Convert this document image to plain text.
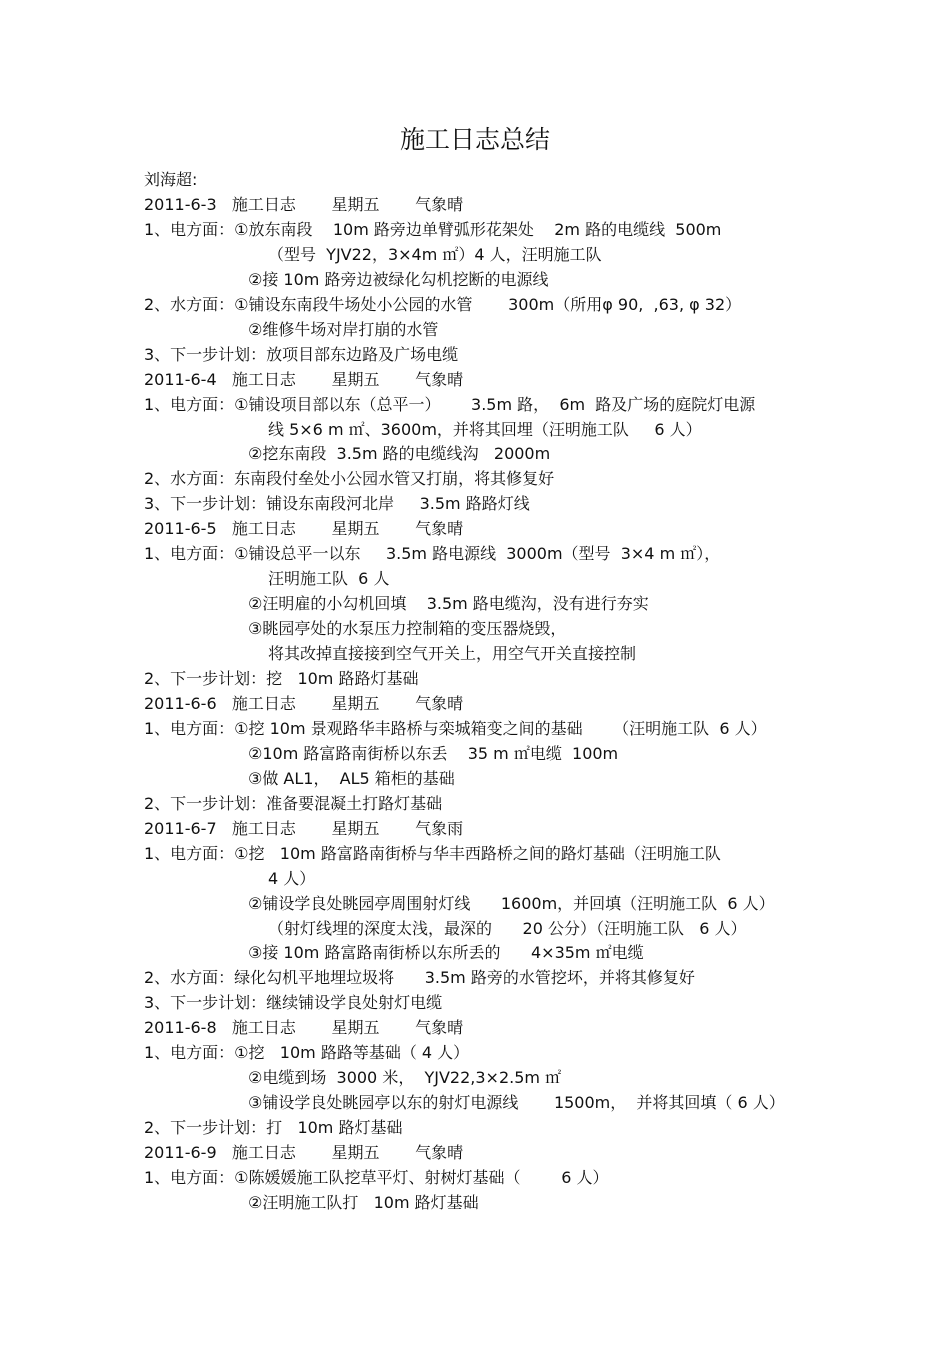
施工日志总结
刘海超:
2011-6-3   施工日志       星期五       气象晴
1、电方面：①放东南段    10m 路旁边单臂弧形花架处    2m 路的电缆线  500m
（型号  YJV22，3×4m ㎡）4 人，汪明施工队
②接 10m 路旁边被绿化勾机挖断的电源线
2、水方面：①铺设东南段牛场处小公园的水管       300m（所用φ 90,  ,63, φ 32）
②维修牛场对岸打崩的水管
3、下一步计划：放项目部东边路及广场电缆
2011-6-4   施工日志       星期五       气象晴
1、电方面：①铺设项目部以东（总平一）      3.5m 路，  6m  路及广场的庭院灯电源
线 5×6 m ㎡、3600m，并将其回埋（汪明施工队     6 人）
②挖东南段  3.5m 路的电缆线沟   2000m
2、水方面：东南段付垒处小公园水管又打崩，将其修复好
3、下一步计划：铺设东南段河北岸     3.5m 路路灯线
2011-6-5   施工日志       星期五       气象晴
1、电方面：①铺设总平一以东     3.5m 路电源线  3000m（型号  3×4 m ㎡），
汪明施工队  6 人
②汪明雇的小勾机回填    3.5m 路电缆沟，没有进行夯实
③眺园亭处的水泵压力控制箱的变压器烧毁，
将其改掉直接接到空气开关上，用空气开关直接控制
2、下一步计划：挖   10m 路路灯基础
2011-6-6   施工日志       星期五       气象晴
1、电方面：①挖 10m 景观路华丰路桥与栾城箱变之间的基础      （汪明施工队  6 人）
②10m 路富路南街桥以东丢    35 m ㎡电缆  100m
③做 AL1，  AL5 箱柜的基础
2、下一步计划：准备要混凝土打路灯基础
2011-6-7   施工日志       星期五       气象雨
1、电方面：①挖   10m 路富路南街桥与华丰西路桥之间的路灯基础（汪明施工队
4 人）
②铺设学良处眺园亭周围射灯线      1600m，并回填（汪明施工队  6 人）
（射灯线埋的深度太浅，最深的      20 公分）（汪明施工队   6 人）
③接 10m 路富路南街桥以东所丢的      4×35m ㎡电缆
2、水方面：绿化勾机平地埋垃圾将      3.5m 路旁的水管挖坏，并将其修复好
3、下一步计划：继续铺设学良处射灯电缆
2011-6-8   施工日志       星期五       气象晴
1、电方面：①挖   10m 路路等基础（ 4 人）
②电缆到场  3000 米，  YJV22,3×2.5m ㎡
③铺设学良处眺园亭以东的射灯电源线       1500m，  并将其回填（ 6 人）
2、下一步计划：打   10m 路灯基础
2011-6-9   施工日志       星期五       气象晴
1、电方面：①陈媛媛施工队挖草平灯、射树灯基础（        6 人）
②汪明施工队打   10m 路灯基础
